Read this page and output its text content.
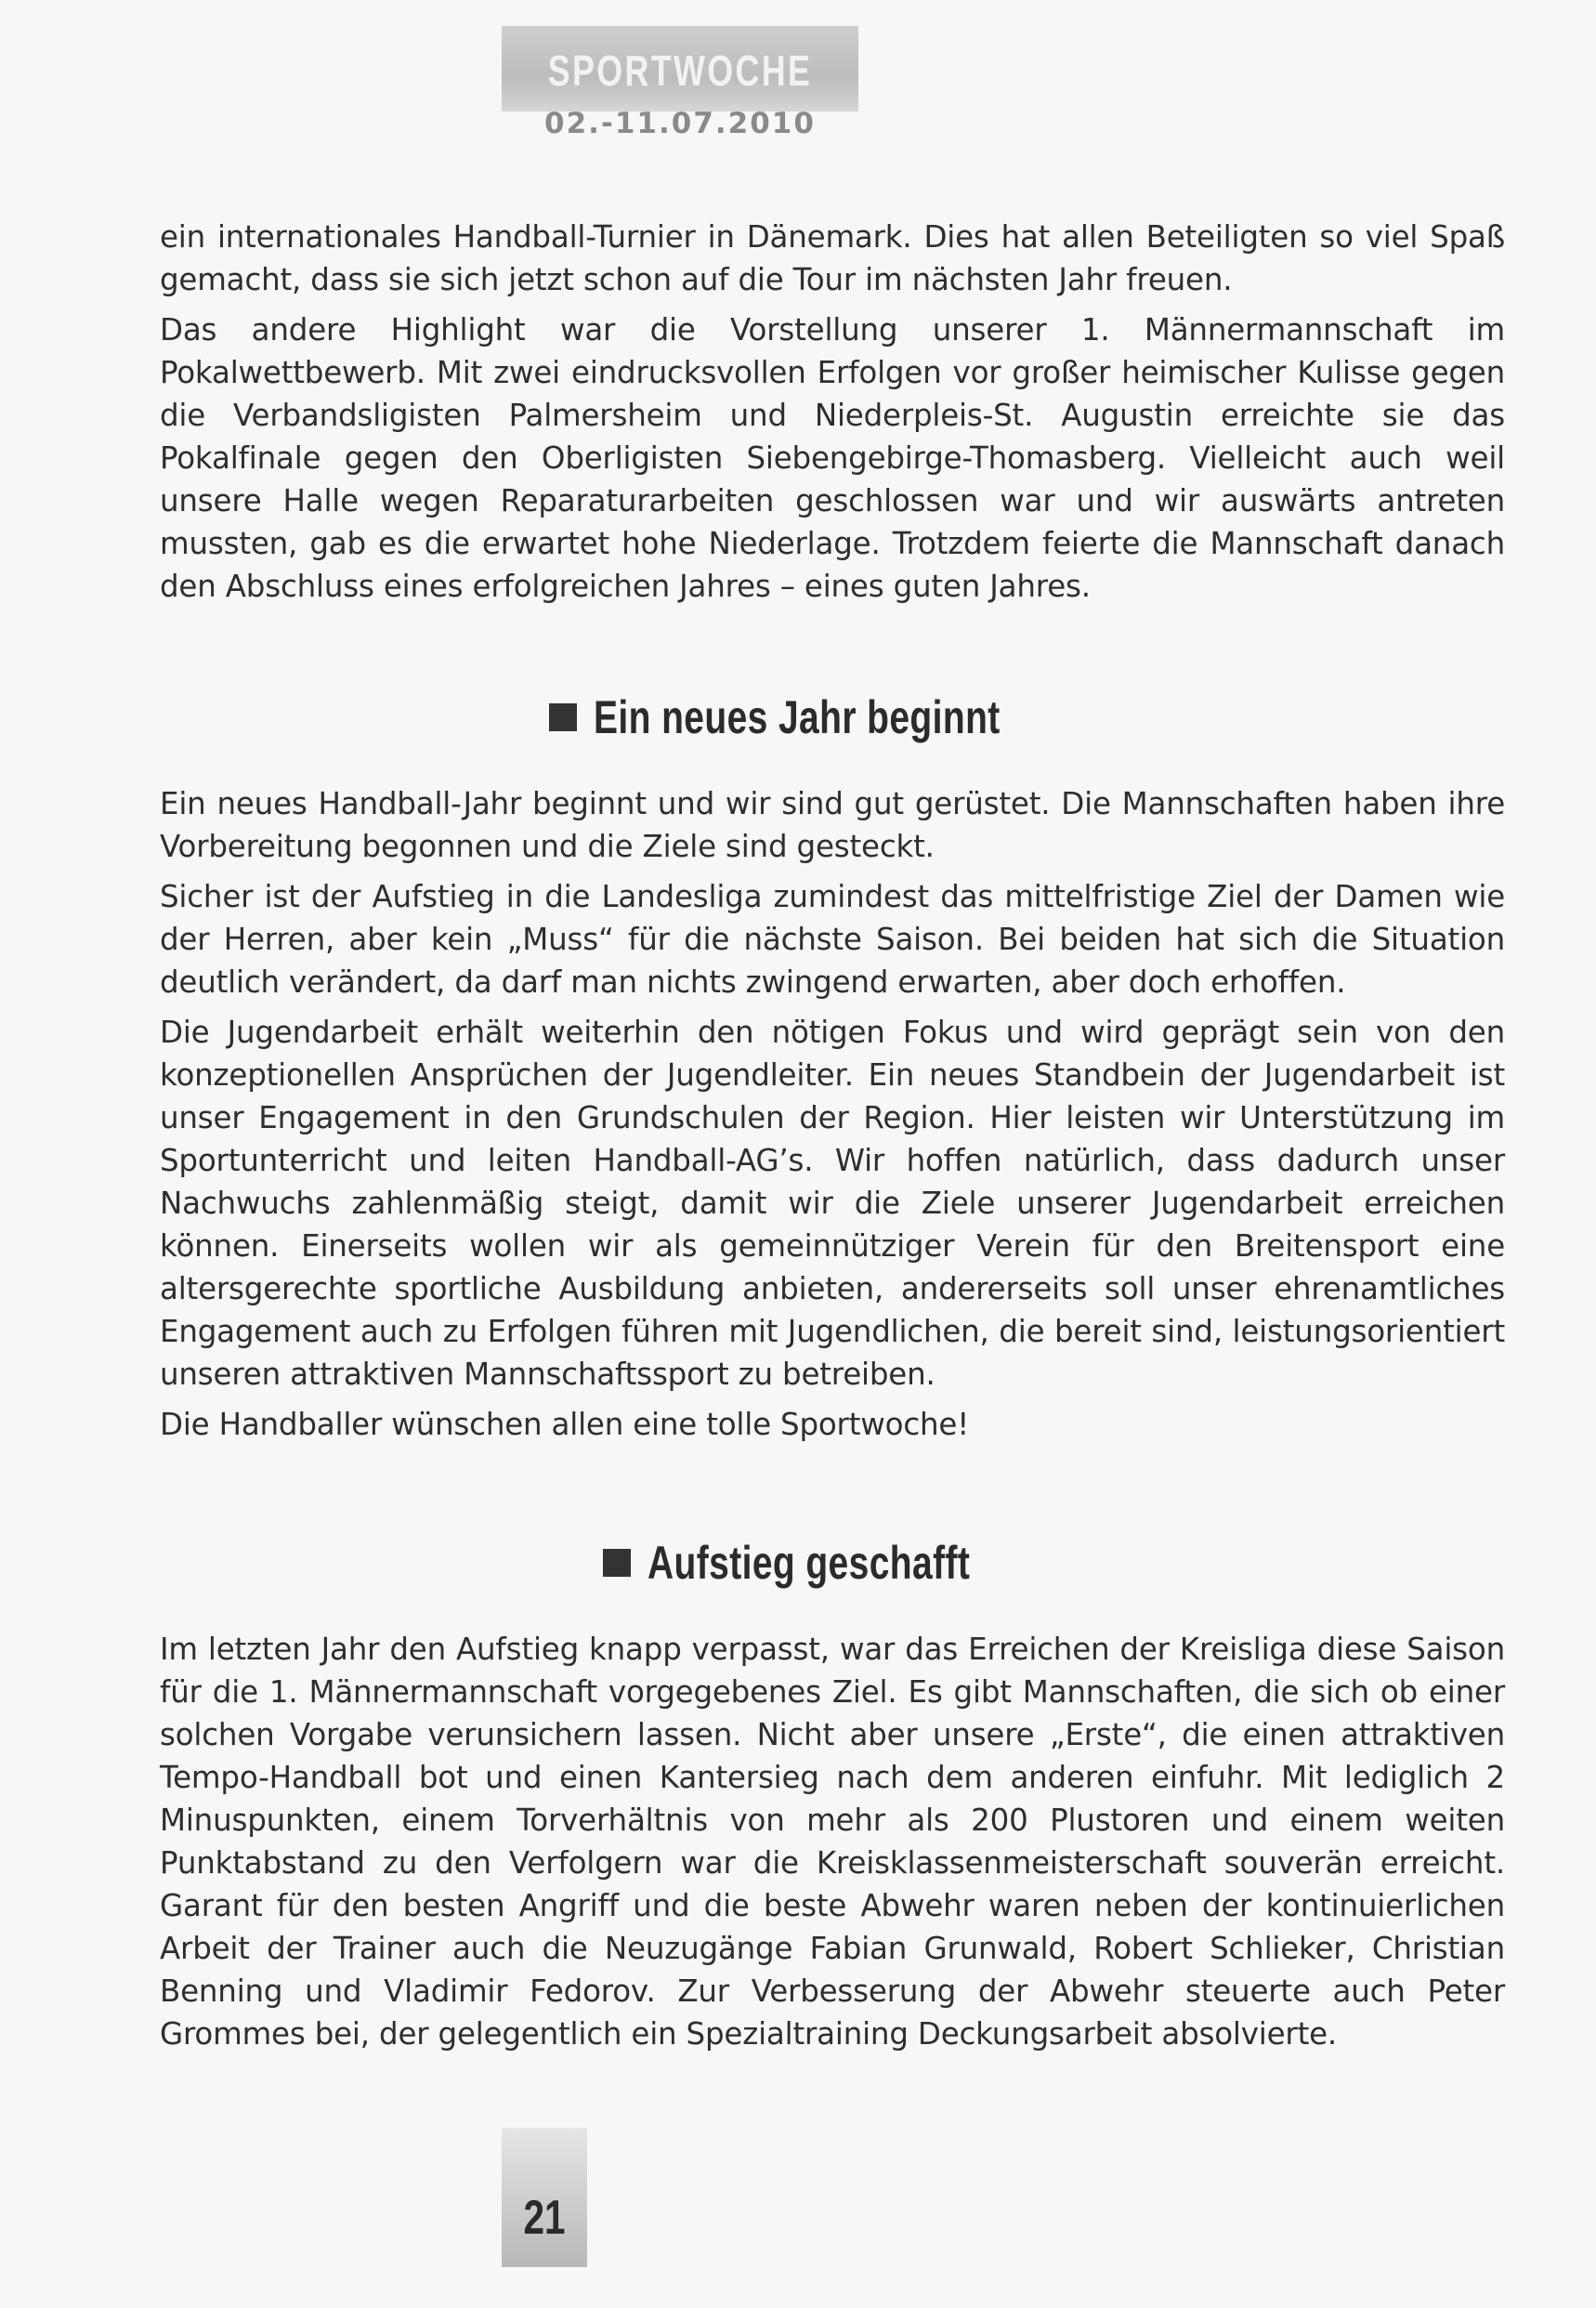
SPORTWOCHE
02.-11.07.2010

ein internationales Handball-Turnier in Dänemark. Dies hat allen Beteiligten so viel Spaß gemacht, dass sie sich jetzt schon auf die Tour im nächsten Jahr freuen.

Das andere Highlight war die Vorstellung unserer 1. Männermannschaft im Pokalwettbewerb. Mit zwei eindrucksvollen Erfolgen vor großer heimischer Kulisse gegen die Verbandsligisten Palmersheim und Niederpleis-St. Augustin erreichte sie das Pokalfinale gegen den Oberligisten Siebengebirge-Thomasberg. Vielleicht auch weil unsere Halle wegen Reparaturarbeiten geschlossen war und wir auswärts antreten mussten, gab es die erwartet hohe Niederlage. Trotzdem feierte die Mannschaft danach den Abschluss eines erfolgreichen Jahres – eines guten Jahres.

Ein neues Jahr beginnt

Ein neues Handball-Jahr beginnt und wir sind gut gerüstet. Die Mannschaften haben ihre Vorbereitung begonnen und die Ziele sind gesteckt.

Sicher ist der Aufstieg in die Landesliga zumindest das mittelfristige Ziel der Damen wie der Herren, aber kein „Muss“ für die nächste Saison. Bei beiden hat sich die Situation deutlich verändert, da darf man nichts zwingend erwarten, aber doch erhoffen.

Die Jugendarbeit erhält weiterhin den nötigen Fokus und wird geprägt sein von den konzeptionellen Ansprüchen der Jugendleiter. Ein neues Standbein der Jugendarbeit ist unser Engagement in den Grundschulen der Region. Hier leisten wir Unterstützung im Sportunterricht und leiten Handball-AG’s. Wir hoffen natürlich, dass dadurch unser Nachwuchs zahlenmäßig steigt, damit wir die Ziele unserer Jugendarbeit erreichen können. Einerseits wollen wir als gemeinnütziger Verein für den Breitensport eine altersgerechte sportliche Ausbildung anbieten, andererseits soll unser ehrenamtliches Engagement auch zu Erfolgen führen mit Jugendlichen, die bereit sind, leistungsorientiert unseren attraktiven Mannschaftssport zu betreiben.

Die Handballer wünschen allen eine tolle Sportwoche!

Aufstieg geschafft

Im letzten Jahr den Aufstieg knapp verpasst, war das Erreichen der Kreisliga diese Saison für die 1. Männermannschaft vorgegebenes Ziel. Es gibt Mannschaften, die sich ob einer solchen Vorgabe verunsichern lassen. Nicht aber unsere „Erste“, die einen attraktiven Tempo-Handball bot und einen Kantersieg nach dem anderen einfuhr. Mit lediglich 2 Minuspunkten, einem Torverhältnis von mehr als 200 Plustoren und einem weiten Punktabstand zu den Verfolgern war die Kreisklassenmeisterschaft souverän erreicht. Garant für den besten Angriff und die beste Abwehr waren neben der kontinuierlichen Arbeit der Trainer auch die Neuzugänge Fabian Grunwald, Robert Schlieker, Christian Benning und Vladimir Fedorov. Zur Verbesserung der Abwehr steuerte auch Peter Grommes bei, der gelegentlich ein Spezialtraining Deckungsarbeit absolvierte.

21
